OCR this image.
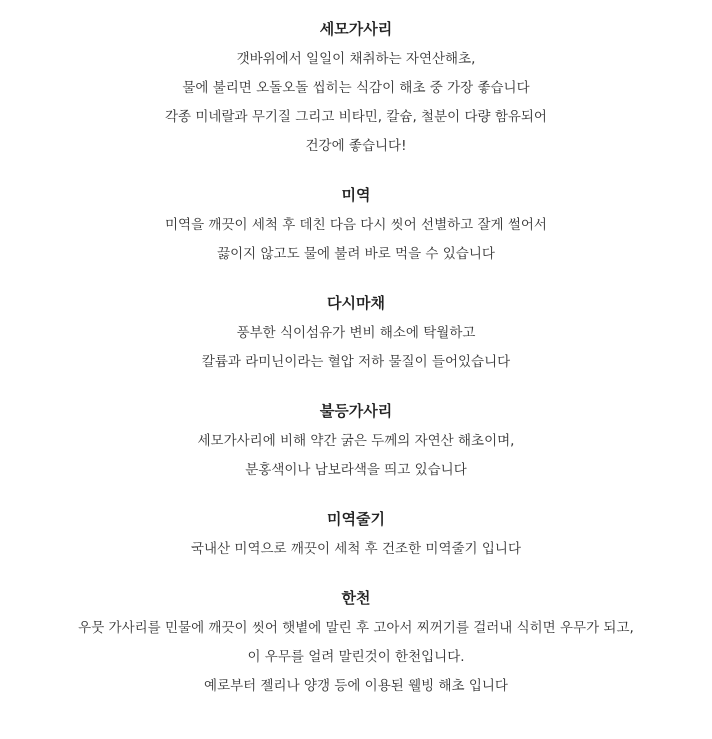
세모가사리

갯바위에서 일일이 채취하는 자연산해초,

물에 불리면 오돌오돌 씹히는 식감이 해초 중 가장 좋습니다

각종 미네랄과 무기질 그리고 비타민, 칼슘, 철분이 다량 함유되어

건강에 좋습니다!

미역

미역을 깨끗이 세척 후 데친 다음 다시 씻어 선별하고 잘게 썰어서

끓이지 않고도 물에 불려 바로 먹을 수 있습니다

다시마채

풍부한 식이섬유가 변비 해소에 탁월하고

칼륨과 라미닌이라는 혈압 저하 물질이 들어있습니다

불등가사리

세모가사리에 비해 약간 굵은 두께의 자연산 해초이며,

분홍색이나 남보라색을 띄고 있습니다

미역줄기

국내산 미역으로 깨끗이 세척 후 건조한 미역줄기 입니다

한천

우뭇 가사리를 민물에 깨끗이 씻어 햇볕에 말린 후 고아서 찌꺼기를 걸러내 식히면 우무가 되고,

이 우무를 얼려 말린것이 한천입니다.

예로부터 젤리나 양갱 등에 이용된 웰빙 해초 입니다
